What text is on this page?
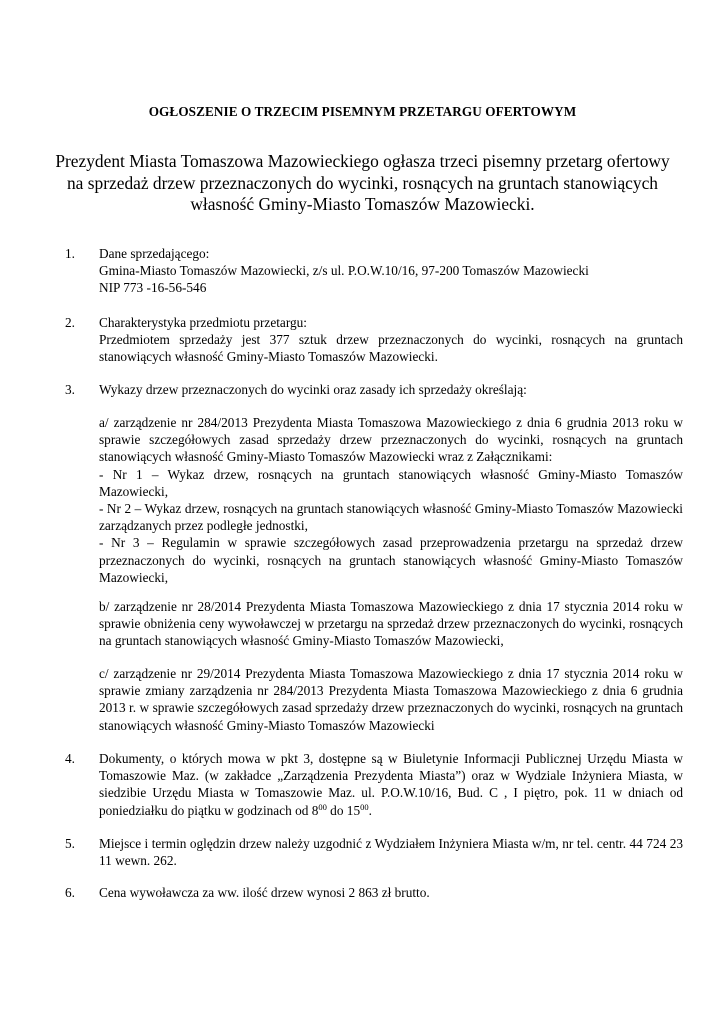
OGŁOSZENIE O TRZECIM PISEMNYM PRZETARGU OFERTOWYM
Prezydent Miasta Tomaszowa Mazowieckiego ogłasza trzeci pisemny przetarg ofertowy na sprzedaż drzew przeznaczonych do wycinki, rosnących na gruntach stanowiących własność Gminy-Miasto Tomaszów Mazowiecki.
1. Dane sprzedającego:
Gmina-Miasto Tomaszów Mazowiecki, z/s ul. P.O.W.10/16, 97-200 Tomaszów Mazowiecki
NIP 773 -16-56-546
2. Charakterystyka przedmiotu przetargu:
Przedmiotem sprzedaży jest 377 sztuk drzew przeznaczonych do wycinki, rosnących na gruntach stanowiących własność Gminy-Miasto Tomaszów Mazowiecki.
3. Wykazy drzew przeznaczonych do wycinki oraz zasady ich sprzedaży określają:
a/ zarządzenie nr 284/2013 Prezydenta Miasta Tomaszowa Mazowieckiego z dnia 6 grudnia 2013 roku w sprawie szczegółowych zasad sprzedaży drzew przeznaczonych do wycinki, rosnących na gruntach stanowiących własność Gminy-Miasto Tomaszów Mazowiecki wraz z Załącznikami:
- Nr 1 – Wykaz drzew, rosnących na gruntach stanowiących własność Gminy-Miasto Tomaszów Mazowiecki,
- Nr 2 – Wykaz drzew, rosnących na gruntach stanowiących własność Gminy-Miasto Tomaszów Mazowiecki zarządzanych przez podległe jednostki,
- Nr 3 – Regulamin w sprawie szczegółowych zasad przeprowadzenia przetargu na sprzedaż drzew przeznaczonych do wycinki, rosnących na gruntach stanowiących własność Gminy-Miasto Tomaszów Mazowiecki,
b/ zarządzenie nr 28/2014 Prezydenta Miasta Tomaszowa Mazowieckiego z dnia 17 stycznia 2014 roku w sprawie obniżenia ceny wywoławczej w przetargu na sprzedaż drzew przeznaczonych do wycinki, rosnących na gruntach stanowiących własność Gminy-Miasto Tomaszów Mazowiecki,
c/ zarządzenie nr 29/2014 Prezydenta Miasta Tomaszowa Mazowieckiego z dnia 17 stycznia 2014 roku w sprawie zmiany zarządzenia nr 284/2013 Prezydenta Miasta Tomaszowa Mazowieckiego z dnia 6 grudnia 2013 r. w sprawie szczegółowych zasad sprzedaży drzew przeznaczonych do wycinki, rosnących na gruntach stanowiących własność Gminy-Miasto Tomaszów Mazowiecki
4. Dokumenty, o których mowa w pkt 3, dostępne są w Biuletynie Informacji Publicznej Urzędu Miasta w Tomaszowie Maz. (w zakładce „Zarządzenia Prezydenta Miasta”) oraz w Wydziale Inżyniera Miasta, w siedzibie Urzędu Miasta w Tomaszowie Maz. ul. P.O.W.10/16, Bud. C , I piętro, pok. 11 w dniach od poniedziałku do piątku w godzinach od $8^{00}$ do $15^{00}$.
5. Miejsce i termin oględzin drzew należy uzgodnić z Wydziałem Inżyniera Miasta w/m, nr tel. centr. 44 724 23 11 wewn. 262.
6. Cena wywoławcza za ww. ilość drzew wynosi 2 863 zł brutto.
